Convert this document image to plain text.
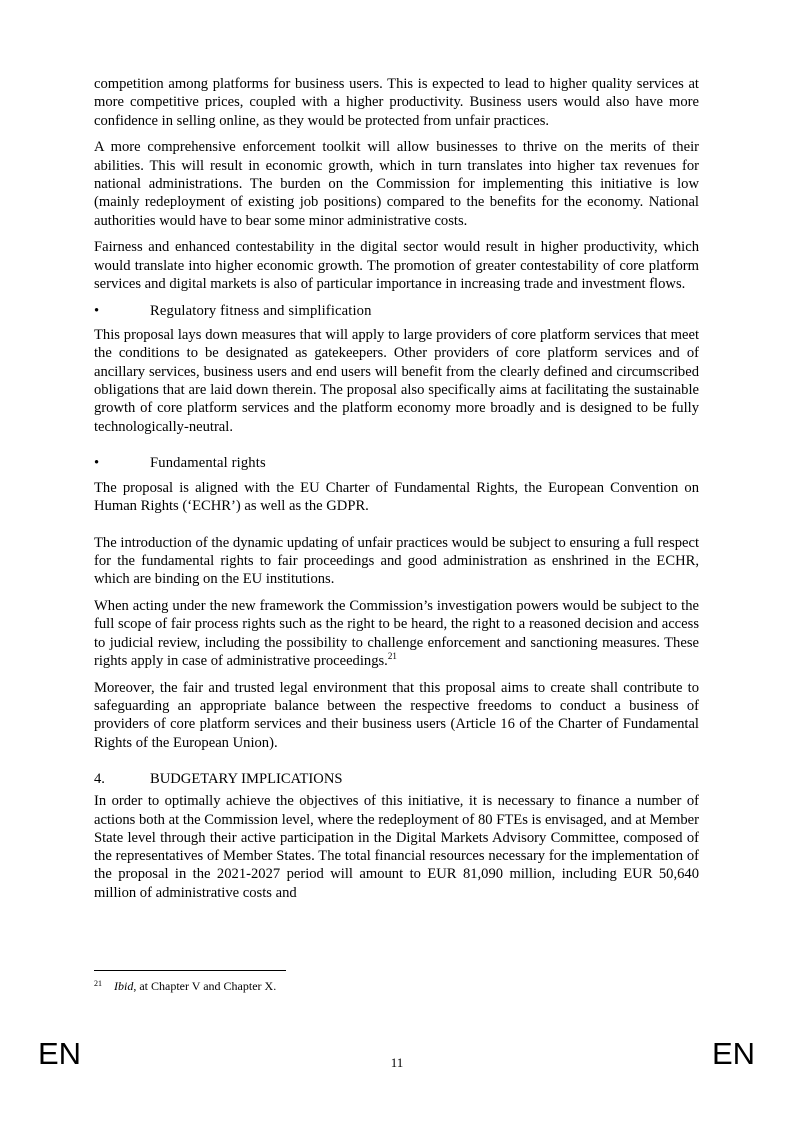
competition among platforms for business users. This is expected to lead to higher quality services at more competitive prices, coupled with a higher productivity. Business users would also have more confidence in selling online, as they would be protected from unfair practices.

A more comprehensive enforcement toolkit will allow businesses to thrive on the merits of their abilities. This will result in economic growth, which in turn translates into higher tax revenues for national administrations. The burden on the Commission for implementing this initiative is low (mainly redeployment of existing job positions) compared to the benefits for the economy. National authorities would have to bear some minor administrative costs.

Fairness and enhanced contestability in the digital sector would result in higher productivity, which would translate into higher economic growth. The promotion of greater contestability of core platform services and digital markets is also of particular importance in increasing trade and investment flows.

•	Regulatory fitness and simplification

This proposal lays down measures that will apply to large providers of core platform services that meet the conditions to be designated as gatekeepers. Other providers of core platform services and of ancillary services, business users and end users will benefit from the clearly defined and circumscribed obligations that are laid down therein. The proposal also specifically aims at facilitating the sustainable growth of core platform services and the platform economy more broadly and is designed to be fully technologically-neutral.

•	Fundamental rights

The proposal is aligned with the EU Charter of Fundamental Rights, the European Convention on Human Rights (‘ECHR’) as well as the GDPR.

The introduction of the dynamic updating of unfair practices would be subject to ensuring a full respect for the fundamental rights to fair proceedings and good administration as enshrined in the ECHR, which are binding on the EU institutions.

When acting under the new framework the Commission’s investigation powers would be subject to the full scope of fair process rights such as the right to be heard, the right to a reasoned decision and access to judicial review, including the possibility to challenge enforcement and sanctioning measures. These rights apply in case of administrative proceedings.$^{21}$

Moreover, the fair and trusted legal environment that this proposal aims to create shall contribute to safeguarding an appropriate balance between the respective freedoms to conduct a business of providers of core platform services and their business users (Article 16 of the Charter of Fundamental Rights of the European Union).

4.	BUDGETARY IMPLICATIONS

In order to optimally achieve the objectives of this initiative, it is necessary to finance a number of actions both at the Commission level, where the redeployment of 80 FTEs is envisaged, and at Member State level through their active participation in the Digital Markets Advisory Committee, composed of the representatives of Member States. The total financial resources necessary for the implementation of the proposal in the 2021-2027 period will amount to EUR 81,090 million, including EUR 50,640 million of administrative costs and

21	Ibid, at Chapter V and Chapter X.
EN	11	EN
